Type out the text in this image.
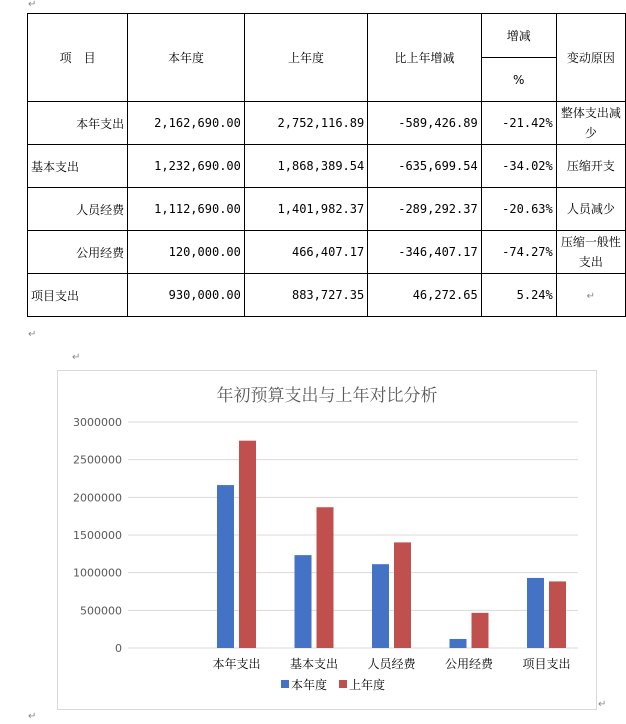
↵
↵
↵
↵
↵
项　目	本年度	上年度	比上年增减	增减	变动原因
				%	
本年支出	2,162,690.00	2,752,116.89	-589,426.89	-21.42%	整体支出减少
基本支出	1,232,690.00	1,868,389.54	-635,699.54	-34.02%	压缩开支
人员经费	1,112,690.00	1,401,982.37	-289,292.37	-20.63%	人员减少
公用经费	120,000.00	466,407.17	-346,407.17	-74.27%	压缩一般性支出
项目支出	930,000.00	883,727.35	46,272.65	5.24%	↵
年初预算支出与上年对比分析
0
500000
1000000
1500000
2000000
2500000
3000000
本年支出 基本支出 人员经费 公用经费 项目支出
本年度 上年度
